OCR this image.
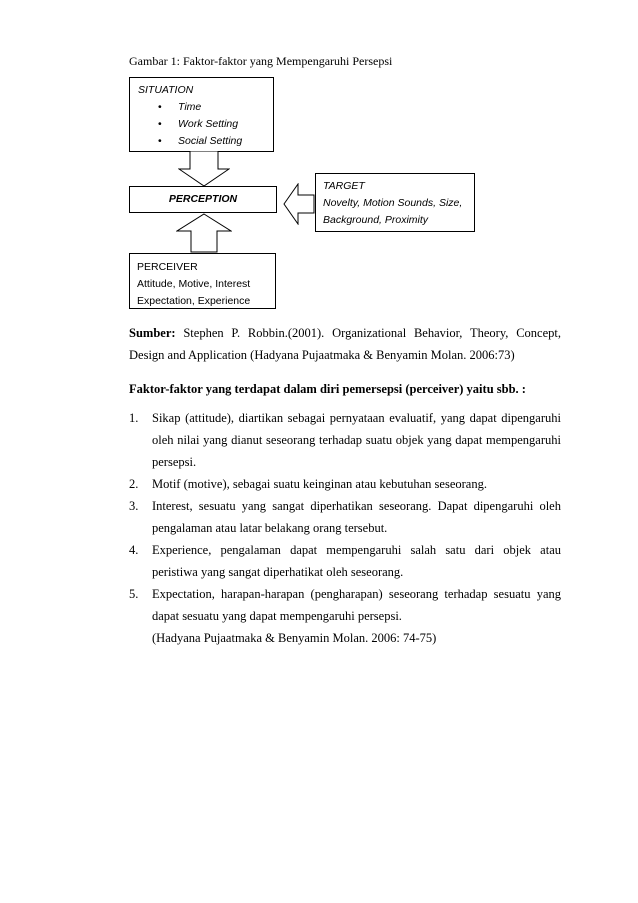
Gambar 1: Faktor-faktor yang Mempengaruhi Persepsi
SITUATION
• Time
• Work Setting
• Social Setting
PERCEPTION
TARGET
Novelty, Motion Sounds, Size,
Background, Proximity
PERCEIVER
Attitude, Motive, Interest
Expectation, Experience
Sumber: Stephen P. Robbin.(2001). Organizational Behavior, Theory, Concept,
Design and Application (Hadyana Pujaatmaka & Benyamin Molan. 2006:73)
Faktor-faktor yang terdapat dalam diri pemersepsi (perceiver) yaitu sbb. :
1. Sikap (attitude), diartikan sebagai pernyataan evaluatif, yang dapat dipengaruhi oleh nilai yang dianut seseorang terhadap suatu objek yang dapat mempengaruhi persepsi.
2. Motif (motive), sebagai suatu keinginan atau kebutuhan seseorang.
3. Interest, sesuatu yang sangat diperhatikan seseorang. Dapat dipengaruhi oleh pengalaman atau latar belakang orang tersebut.
4. Experience, pengalaman dapat mempengaruhi salah satu dari objek atau peristiwa yang sangat diperhatikat oleh seseorang.
5. Expectation, harapan-harapan (pengharapan) seseorang terhadap sesuatu yang dapat sesuatu yang dapat mempengaruhi persepsi.
(Hadyana Pujaatmaka & Benyamin Molan. 2006: 74-75)
